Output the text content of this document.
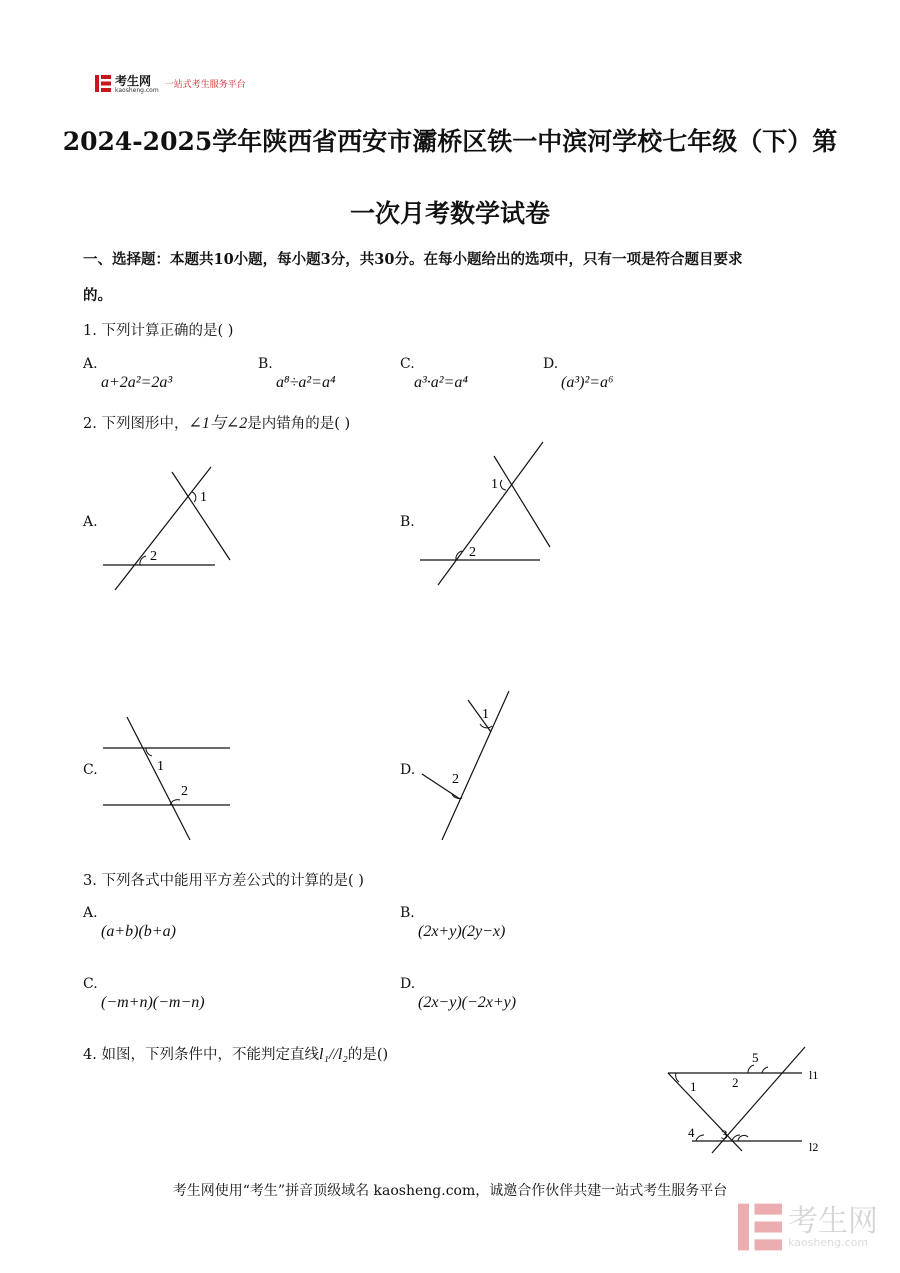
考生网
kaosheng.com
一站式考生服务平台
2024-2025学年陕西省西安市灞桥区铁一中滨河学校七年级（下）第
一次月考数学试卷
一、选择题：本题共10小题，每小题3分，共30分。在每小题给出的选项中，只有一项是符合题目要求
的。
1. 下列计算正确的是( )
A.
a+2a²=2a³
B.
a⁸÷a²=a⁴
C.
a³·a²=a⁴
D.
(a³)²=a⁶
2. 下列图形中，∠1与∠2是内错角的是( )
A.
1
2
B.
1
2
C.	1
2
D.
1
2
3. 下列各式中能用平方差公式的计算的是( )
A.
(a+b)(b+a)
B.
(2x+y)(2y−x)
C.
(−m+n)(−m−n)
D.
(2x−y)(−2x+y)
4. 如图，下列条件中，不能判定直线l₁//l₂的是()
1	2
3
4
5
l1
l2
考生网使用“考生”拼音顶级域名 kaosheng.com，诚邀合作伙伴共建一站式考生服务平台
考生网
kaosheng.com
